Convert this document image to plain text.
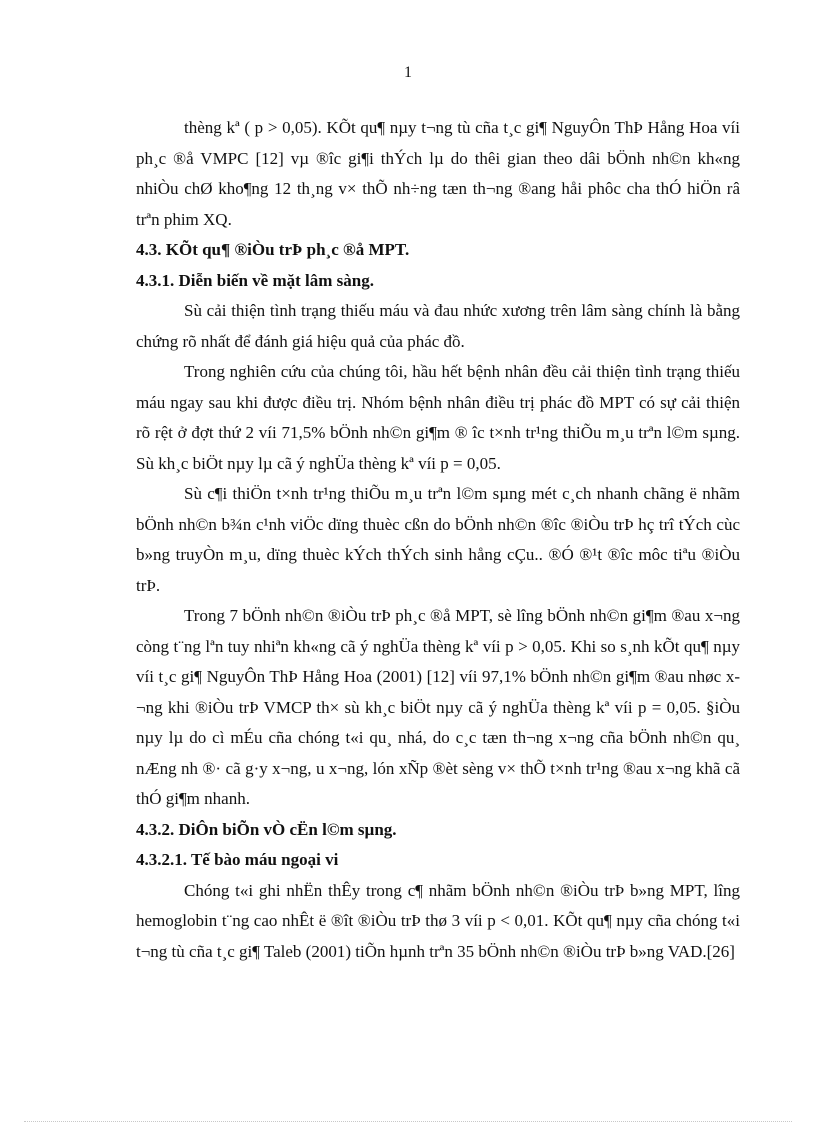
1

thèng kª ( p > 0,05). KÕt qu¶ nµy t¬ng tù cña t¸c gi¶ NguyÔn ThÞ Hång Hoa víi ph¸c ®å VMPC [12] vµ ®îc gi¶i thÝch lµ do thêi gian theo dâi bÖnh nh©n kh«ng nhiÒu chØ kho¶ng 12 th¸ng v× thÕ nh÷ng tæn th¬ng ®ang håi phôc cha thÓ hiÖn râ trªn phim XQ.

4.3. KÕt qu¶ ®iÒu trÞ ph¸c ®å MPT.
4.3.1. Diễn biến về mặt lâm sàng.

Sù cải thiện tình trạng thiếu máu và đau nhức xương trên lâm sàng chính là bằng chứng rõ nhất để đánh giá hiệu quả của phác đồ.

Trong nghiên cứu của chúng tôi, hầu hết bệnh nhân đều cải thiện tình trạng thiếu máu ngay sau khi được điều trị. Nhóm bệnh nhân điều trị phác đồ MPT có sự cải thiện rõ rệt ở đợt thứ 2 víi 71,5% bÖnh nh©n gi¶m ® îc t×nh tr¹ng thiÕu m¸u trªn l©m sµng. Sù kh¸c biÖt nµy lµ cã ý nghÜa thèng kª víi p = 0,05.

Sù c¶i thiÖn t×nh tr¹ng thiÕu m¸u trªn l©m sµng mét c¸ch nhanh chãng ë nhãm bÖnh nh©n b¾n c¹nh viÖc dïng thuèc cßn do bÖnh nh©n ®îc ®iÒu trÞ hç trî tÝch cùc b»ng truyÒn m¸u, dïng thuèc kÝch thÝch sinh hång cÇu.. ®Ó ®¹t ®îc môc tiªu ®iÒu trÞ.

Trong 7 bÖnh nh©n ®iÒu trÞ ph¸c ®å MPT, sè lîng bÖnh nh©n gi¶m ®au x¬ng còng t¨ng lªn tuy nhiªn kh«ng cã ý nghÜa thèng kª víi p > 0,05. Khi so s¸nh kÕt qu¶ nµy víi t¸c gi¶ NguyÔn ThÞ Hång Hoa (2001) [12] víi 97,1% bÖnh nh©n gi¶m ®au nhøc x¬ng khi ®iÒu trÞ VMCP th× sù kh¸c biÖt nµy cã ý nghÜa thèng kª víi p = 0,05. §iÒu nµy lµ do cì mÉu cña chóng t«i qu¸ nhá, do c¸c tæn th¬ng x¬ng cña bÖnh nh©n qu¸ nÆng nh ®· cã g·y x¬ng, u x¬ng, lón xÑp ®èt sèng v× thÕ t×nh tr¹ng ®au x¬ng khã cã thÓ gi¶m nhanh.

4.3.2. DiÔn biÕn vÒ cËn l©m sµng.
4.3.2.1. Tế bào máu ngoại vi

Chóng t«i ghi nhËn thÊy trong c¶ nhãm bÖnh nh©n ®iÒu trÞ b»ng MPT, lîng hemoglobin t¨ng cao nhÊt ë ®ît ®iÒu trÞ thø 3 víi p < 0,01. KÕt qu¶ nµy cña chóng t«i t¬ng tù cña t¸c gi¶ Taleb (2001) tiÕn hµnh trªn 35 bÖnh nh©n ®iÒu trÞ b»ng VAD.[26]
